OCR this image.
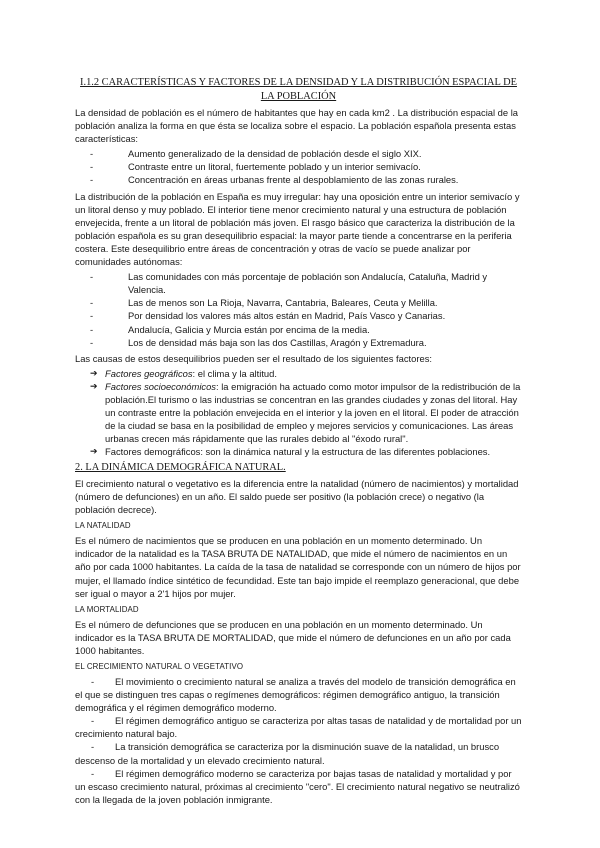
I.1.2 CARACTERÍSTICAS Y FACTORES DE LA DENSIDAD Y LA DISTRIBUCIÓN ESPACIAL DE LA POBLACIÓN

La densidad de población es el número de habitantes que hay en cada km2 . La distribución espacial de la población analiza la forma en que ésta se localiza sobre el espacio. La población española presenta estas características:

-	Aumento generalizado de la densidad de población desde el siglo XIX.
-	Contraste entre un litoral, fuertemente poblado y un interior semivacío.
-	Concentración en áreas urbanas frente al despoblamiento de las zonas rurales.

La distribución de la población en España es muy irregular: hay una oposición entre un interior semivacío y un litoral denso y muy poblado. El interior tiene menor crecimiento natural y una estructura de población envejecida, frente a un litoral de población más joven. El rasgo básico que caracteriza la distribución de la población española es su gran desequilibrio espacial: la mayor parte tiende a concentrarse en la periferia costera. Este desequilibrio entre áreas de concentración y otras de vacío se puede analizar por comunidades autónomas:

-	Las comunidades con más porcentaje de población son Andalucía, Cataluña, Madrid y Valencia.
-	Las de menos son La Rioja, Navarra, Cantabria, Baleares, Ceuta y Melilla.
-	Por densidad los valores más altos están en Madrid, País Vasco y Canarias.
-	Andalucía, Galicia y Murcia están por encima de la media.
-	Los de densidad más baja son las dos Castillas, Aragón y Extremadura.

Las causas de estos desequilibrios pueden ser el resultado de los siguientes factores:

➔ Factores geográficos: el clima y la altitud.
➔ Factores socioeconómicos: la emigración ha actuado como motor impulsor de la redistribución de la población.El turismo o las industrias se concentran en las grandes ciudades y zonas del litoral. Hay un contraste entre la población envejecida en el interior y la joven en el litoral. El poder de atracción de la ciudad se basa en la posibilidad de empleo y mejores servicios y comunicaciones. Las áreas urbanas crecen más rápidamente que las rurales debido al "éxodo rural".
➔ Factores demográficos: son la dinámica natural y la estructura de las diferentes poblaciones.
2. LA DINÁMICA DEMOGRÁFICA NATURAL.

El crecimiento natural o vegetativo es la diferencia entre la natalidad (número de nacimientos) y mortalidad (número de defunciones) en un año. El saldo puede ser positivo (la población crece) o negativo (la población decrece).

LA NATALIDAD

Es el número de nacimientos que se producen en una población en un momento determinado. Un indicador de la natalidad es la TASA BRUTA DE NATALIDAD, que mide el número de nacimientos en un año por cada 1000 habitantes. La caída de la tasa de natalidad se corresponde con un número de hijos por mujer, el llamado índice sintético de fecundidad. Este tan bajo impide el reemplazo generacional, que debe ser igual o mayor a 2'1 hijos por mujer.

LA MORTALIDAD

Es el número de defunciones que se producen en una población en un momento determinado. Un indicador es la TASA BRUTA DE MORTALIDAD, que mide el número de defunciones en un año por cada 1000 habitantes.

EL CRECIMIENTO NATURAL O VEGETATIVO
- El movimiento o crecimiento natural se analiza a través del modelo de transición demográfica en el que se distinguen tres capas o regímenes demográficos: régimen demográfico antiguo, la transición demográfica y el régimen demográfico moderno.
- El régimen demográfico antiguo se caracteriza por altas tasas de natalidad y de mortalidad por un crecimiento natural bajo.
- La transición demográfica se caracteriza por la disminución suave de la natalidad, un brusco descenso de la mortalidad y un elevado crecimiento natural.
- El régimen demográfico moderno se caracteriza por bajas tasas de natalidad y mortalidad y por un escaso crecimiento natural, próximas al crecimiento "cero". El crecimiento natural negativo se neutralizó con la llegada de la joven población inmigrante.
